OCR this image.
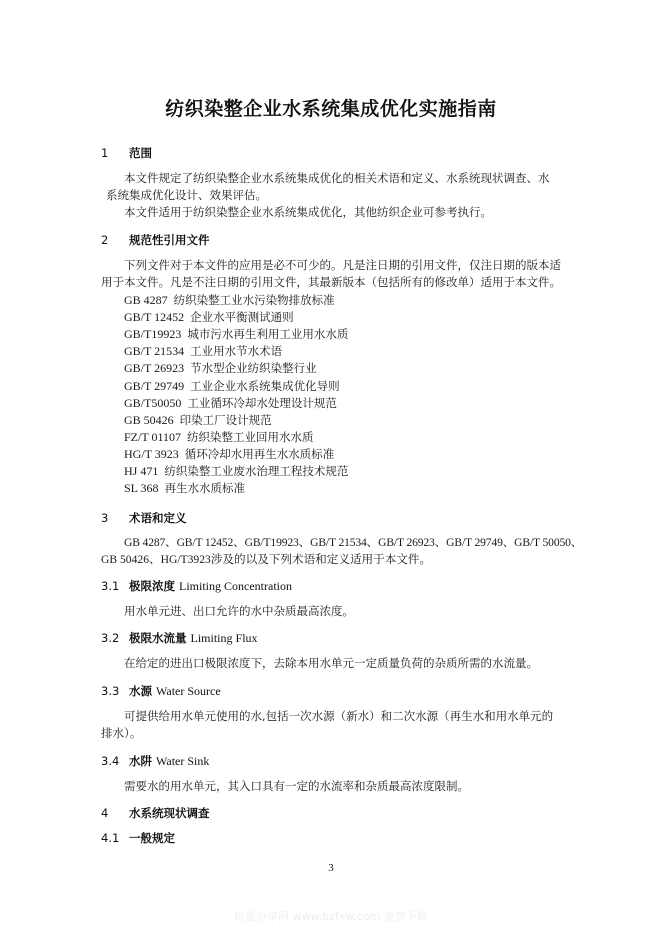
纺织染整企业水系统集成优化实施指南
1 范围
本文件规定了纺织染整企业水系统集成优化的相关术语和定义、水系统现状调查、水
系统集成优化设计、效果评估。
本文件适用于纺织染整企业水系统集成优化，其他纺织企业可参考执行。
2 规范性引用文件
下列文件对于本文件的应用是必不可少的。凡是注日期的引用文件，仅注日期的版本适
用于本文件。凡是不注日期的引用文件，其最新版本（包括所有的修改单）适用于本文件。
GB 4287 纺织染整工业水污染物排放标准
GB/T 12452 企业水平衡测试通则
GB/T19923 城市污水再生利用工业用水水质
GB/T 21534 工业用水节水术语
GB/T 26923 节水型企业纺织染整行业
GB/T 29749 工业企业水系统集成优化导则
GB/T50050 工业循环冷却水处理设计规范
GB 50426 印染工厂设计规范
FZ/T 01107 纺织染整工业回用水水质
HG/T 3923 循环冷却水用再生水水质标准
HJ 471 纺织染整工业废水治理工程技术规范
SL 368 再生水水质标准
3 术语和定义
GB 4287、GB/T 12452、GB/T19923、GB/T 21534、GB/T 26923、GB/T 29749、GB/T 50050、
GB 50426、HG/T3923涉及的以及下列术语和定义适用于本文件。
3.1 极限浓度 Limiting Concentration
用水单元进、出口允许的水中杂质最高浓度。
3.2 极限水流量 Limiting Flux
在给定的进出口极限浓度下，去除本用水单元一定质量负荷的杂质所需的水流量。
3.3 水源 Water Source
可提供给用水单元使用的水,包括一次水源（新水）和二次水源（再生水和用水单元的
排水）。
3.4 水阱 Water Sink
需要水的用水单元，其入口具有一定的水流率和杂质最高浓度限制。
4 水系统现状调查
4.1 一般规定
3
标准分享网 www.bzfxw.com 免费下载
